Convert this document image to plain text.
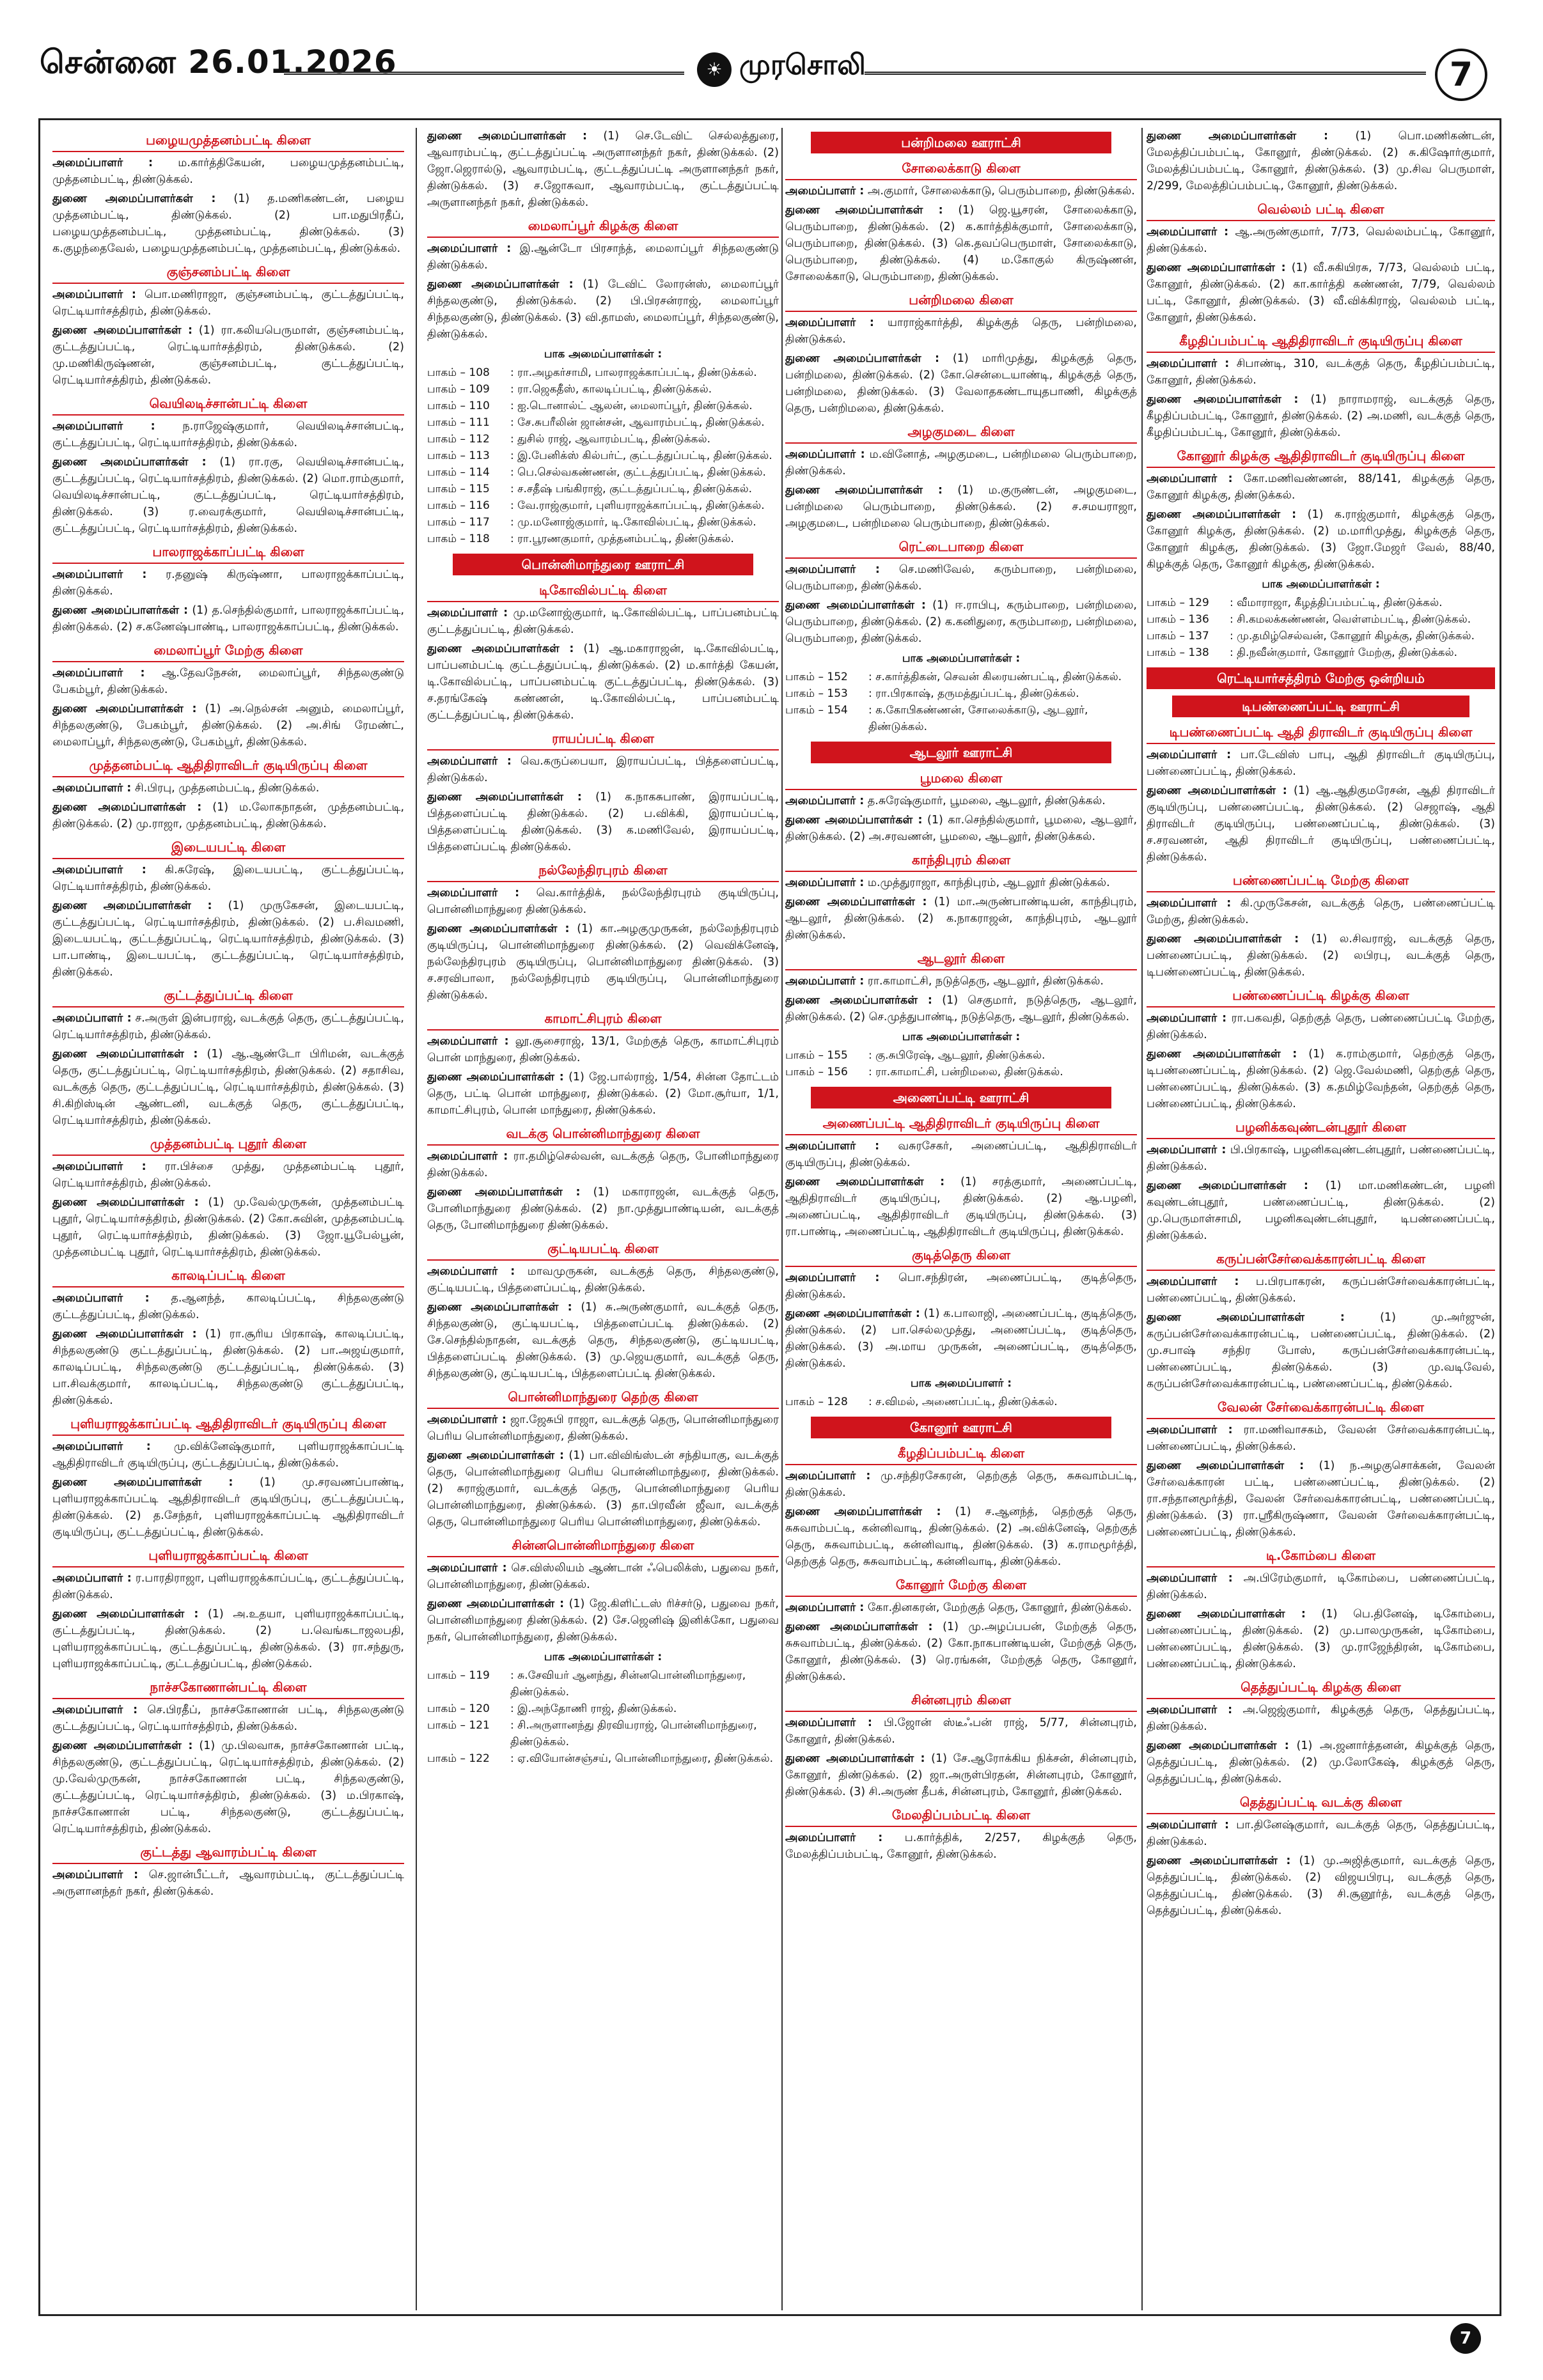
சென்னை 26.01.2026	☀ முரசொலி	7
பழையமுத்தனம்பட்டி கிளை

அமைப்பாளர் : ம.கார்த்திகேயன், பழையமுத்தனம்பட்டி, முத்தனம்பட்டி, திண்டுக்கல்.

துணை அமைப்பாளர்கள் : (1) த.மணிகண்டன், பழைய முத்தனம்பட்டி, திண்டுக்கல். (2) பா.மதுபிரதீப், பழையமுத்தனம்பட்டி, முத்தனம்பட்டி, திண்டுக்கல். (3) க.குழந்தைவேல், பழையமுத்தனம்பட்டி, முத்தனம்பட்டி, திண்டுக்கல்.

குஞ்சனம்பட்டி கிளை

அமைப்பாளர் : பொ.மணிராஜா, குஞ்சனம்பட்டி, குட்டத்துப்பட்டி, ரெட்டியார்சத்திரம், திண்டுக்கல்.

துணை அமைப்பாளர்கள் : (1) ரா.கலியபெருமாள், குஞ்சனம்பட்டி, குட்டத்துப்பட்டி, ரெட்டியார்சத்திரம், திண்டுக்கல். (2) மு.மணிகிருஷ்ணன், குஞ்சனம்பட்டி, குட்டத்துப்பட்டி, ரெட்டியார்சத்திரம், திண்டுக்கல்.

வெயிலடிச்சான்பட்டி கிளை

அமைப்பாளர் : ந.ராஜேஷ்குமார், வெயிலடிச்சான்பட்டி, குட்டத்துப்பட்டி, ரெட்டியார்சத்திரம், திண்டுக்கல்.

துணை அமைப்பாளர்கள் : (1) ரா.ரகு, வெயிலடிச்சான்பட்டி, குட்டத்துப்பட்டி, ரெட்டியார்சத்திரம், திண்டுக்கல். (2) மொ.ராம்குமார், வெயிலடிச்சான்பட்டி, குட்டத்துப்பட்டி, ரெட்டியார்சத்திரம், திண்டுக்கல். (3) ர.வைரக்குமார், வெயிலடிச்சான்பட்டி, குட்டத்துப்பட்டி, ரெட்டியார்சத்திரம், திண்டுக்கல்.

பாலராஜக்காப்பட்டி கிளை

அமைப்பாளர் : ர.தனுஷ் கிருஷ்ணா, பாலராஜக்காப்பட்டி, திண்டுக்கல்.

துணை அமைப்பாளர்கள் : (1) த.செந்தில்குமார், பாலராஜக்காப்பட்டி, திண்டுக்கல். (2) ச.கணேஷ்பாண்டி, பாலராஜக்காப்பட்டி, திண்டுக்கல்.

மைலாப்பூர் மேற்கு கிளை

அமைப்பாளர் : ஆ.தேவநேசன், மைலாப்பூர், சிந்தலகுண்டு பேகம்பூர், திண்டுக்கல்.

துணை அமைப்பாளர்கள் : (1) அ.நெல்சன் அனும், மைலாப்பூர், சிந்தலகுண்டு, பேகம்பூர், திண்டுக்கல். (2) அ.சிங் ரேமண்ட், மைலாப்பூர், சிந்தலகுண்டு, பேகம்பூர், திண்டுக்கல்.

முத்தனம்பட்டி ஆதிதிராவிடர் குடியிருப்பு கிளை

அமைப்பாளர் : சி.பிரபு, முத்தனம்பட்டி, திண்டுக்கல்.

துணை அமைப்பாளர்கள் : (1) ம.லோகநாதன், முத்தனம்பட்டி, திண்டுக்கல். (2) மு.ராஜா, முத்தனம்பட்டி, திண்டுக்கல்.

இடையபட்டி கிளை

அமைப்பாளர் : கி.சுரேஷ், இடையபட்டி, குட்டத்துப்பட்டி, ரெட்டியார்சத்திரம், திண்டுக்கல்.

துணை அமைப்பாளர்கள் : (1) முருகேசன், இடையபட்டி, குட்டத்துப்பட்டி, ரெட்டியார்சத்திரம், திண்டுக்கல். (2) ப.சிவமணி, இடையபட்டி, குட்டத்துப்பட்டி, ரெட்டியார்சத்திரம், திண்டுக்கல். (3) பா.பாண்டி, இடையபட்டி, குட்டத்துப்பட்டி, ரெட்டியார்சத்திரம், திண்டுக்கல்.

குட்டத்துப்பட்டி கிளை

அமைப்பாளர் : ச.அருள் இன்பராஜ், வடக்குத் தெரு, குட்டத்துப்பட்டி, ரெட்டியார்சத்திரம், திண்டுக்கல்.

துணை அமைப்பாளர்கள் : (1) ஆ.ஆண்டோ பிரிமன், வடக்குத் தெரு, குட்டத்துப்பட்டி, ரெட்டியார்சத்திரம், திண்டுக்கல். (2) சதாசிவ, வடக்குத் தெரு, குட்டத்துப்பட்டி, ரெட்டியார்சத்திரம், திண்டுக்கல். (3) சி.கிறிஸ்டின் ஆண்டனி, வடக்குத் தெரு, குட்டத்துப்பட்டி, ரெட்டியார்சத்திரம், திண்டுக்கல்.

முத்தனம்பட்டி புதூர் கிளை

அமைப்பாளர் : ரா.பிச்சை முத்து, முத்தனம்பட்டி புதூர், ரெட்டியார்சத்திரம், திண்டுக்கல்.

துணை அமைப்பாளர்கள் : (1) மு.வேல்முருகன், முத்தனம்பட்டி புதூர், ரெட்டியார்சத்திரம், திண்டுக்கல். (2) கோ.சுவின், முத்தனம்பட்டி புதூர், ரெட்டியார்சத்திரம், திண்டுக்கல். (3) ஜோ.யூபேல்பூன், முத்தனம்பட்டி புதூர், ரெட்டியார்சத்திரம், திண்டுக்கல்.

காலடிப்பட்டி கிளை

அமைப்பாளர் : த.ஆனந்த், காலடிப்பட்டி, சிந்தலகுண்டு குட்டத்துப்பட்டி, திண்டுக்கல்.

துணை அமைப்பாளர்கள் : (1) ரா.சூரிய பிரகாஷ், காலடிப்பட்டி, சிந்தலகுண்டு குட்டத்துப்பட்டி, திண்டுக்கல். (2) பா.அஜய்குமார், காலடிப்பட்டி, சிந்தலகுண்டு குட்டத்துப்பட்டி, திண்டுக்கல். (3) பா.சிவக்குமார், காலடிப்பட்டி, சிந்தலகுண்டு குட்டத்துப்பட்டி, திண்டுக்கல்.

புளியராஜக்காப்பட்டி ஆதிதிராவிடர் குடியிருப்பு கிளை

அமைப்பாளர் : மு.விக்னேஷ்குமார், புளியராஜக்காப்பட்டி ஆதிதிராவிடர் குடியிருப்பு, குட்டத்துப்பட்டி, திண்டுக்கல்.

துணை அமைப்பாளர்கள் : (1) மு.சரவணப்பாண்டி, புளியராஜக்காப்பட்டி ஆதிதிராவிடர் குடியிருப்பு, குட்டத்துப்பட்டி, திண்டுக்கல். (2) த.சேந்தர், புளியராஜக்காப்பட்டி ஆதிதிராவிடர் குடியிருப்பு, குட்டத்துப்பட்டி, திண்டுக்கல்.

புளியராஜக்காப்பட்டி கிளை

அமைப்பாளர் : ர.பாரதிராஜா, புளியராஜக்காப்பட்டி, குட்டத்துப்பட்டி, திண்டுக்கல்.

துணை அமைப்பாளர்கள் : (1) அ.உதயா, புளியராஜக்காப்பட்டி, குட்டத்துப்பட்டி, திண்டுக்கல். (2) ப.வெங்கடாஜலபதி, புளியராஜக்காப்பட்டி, குட்டத்துப்பட்டி, திண்டுக்கல். (3) ரா.சந்துரு, புளியராஜக்காப்பட்டி, குட்டத்துப்பட்டி, திண்டுக்கல்.

நாச்சகோணான்பட்டி கிளை

அமைப்பாளர் : செ.பிரதீப், நாச்சகோணான் பட்டி, சிந்தலகுண்டு குட்டத்துப்பட்டி, ரெட்டியார்சத்திரம், திண்டுக்கல்.

துணை அமைப்பாளர்கள் : (1) மு.பிலவாசு, நாச்சகோணான் பட்டி, சிந்தலகுண்டு, குட்டத்துப்பட்டி, ரெட்டியார்சத்திரம், திண்டுக்கல். (2) மு.வேல்முருகன், நாச்சகோணான் பட்டி, சிந்தலகுண்டு, குட்டத்துப்பட்டி, ரெட்டியார்சத்திரம், திண்டுக்கல். (3) ம.பிரகாஷ், நாச்சகோணான் பட்டி, சிந்தலகுண்டு, குட்டத்துப்பட்டி, ரெட்டியார்சத்திரம், திண்டுக்கல்.

குட்டத்து ஆவாரம்பட்டி கிளை

அமைப்பாளர் : செ.ஜான்பீட்டர், ஆவாரம்பட்டி, குட்டத்துப்பட்டி அருளானந்தர் நகர், திண்டுக்கல்.

துணை அமைப்பாளர்கள் : (1) செ.டேவிட் செல்லத்துரை, ஆவாரம்பட்டி, குட்டத்துப்பட்டி அருளானந்தர் நகர், திண்டுக்கல். (2) ஜோ.ஜெரால்டு, ஆவாரம்பட்டி, குட்டத்துப்பட்டி அருளானந்தர் நகர், திண்டுக்கல். (3) ச.ஜோசுவா, ஆவாரம்பட்டி, குட்டத்துப்பட்டி அருளானந்தர் நகர், திண்டுக்கல்.

மைலாப்பூர் கிழக்கு கிளை

அமைப்பாளர் : இ.ஆன்டோ பிரசாந்த், மைலாப்பூர் சிந்தலகுண்டு திண்டுக்கல்.

துணை அமைப்பாளர்கள் : (1) டேவிட் லோரன்ஸ், மைலாப்பூர் சிந்தலகுண்டு, திண்டுக்கல். (2) பி.பிரசன்ராஜ், மைலாப்பூர் சிந்தலகுண்டு, திண்டுக்கல். (3) வி.தாமஸ், மைலாப்பூர், சிந்தலகுண்டு, திண்டுக்கல்.

பாக அமைப்பாளர்கள் :
பாகம் – 108	: ரா.அழகர்சாமி, பாலராஜக்காப்பட்டி, திண்டுக்கல்.
பாகம் – 109	: ரா.ஜெகதீஸ், காலடிப்பட்டி, திண்டுக்கல்.
பாகம் – 110	: ஐ.டொனால்ட் ஆலன், மைலாப்பூர், திண்டுக்கல்.
பாகம் – 111	: சே.சுபரீலின் ஜான்சன், ஆவாரம்பட்டி, திண்டுக்கல்.
பாகம் – 112	: துசில் ராஜ், ஆவாரம்பட்டி, திண்டுக்கல்.
பாகம் – 113	: இ.பேனிக்ஸ் கில்பர்ட், குட்டத்துப்பட்டி, திண்டுக்கல்.
பாகம் – 114	: பெ.செல்வகண்ணன், குட்டத்துப்பட்டி, திண்டுக்கல்.
பாகம் – 115	: ச.சதீஷ் பங்கிராஜ், குட்டத்துப்பட்டி, திண்டுக்கல்.
பாகம் – 116	: வே.ராஜ்குமார், புளியராஜக்காப்பட்டி, திண்டுக்கல்.
பாகம் – 117	: மு.மனோஜ்குமார், டி.கோவில்பட்டி, திண்டுக்கல்.
பாகம் – 118	: ரா.பூரணகுமார், முத்தனம்பட்டி, திண்டுக்கல்.
பொன்னிமாந்துரை ஊராட்சி
டிகோவில்பட்டி கிளை

அமைப்பாளர் : மு.மனோஜ்குமார், டி.கோவில்பட்டி, பாப்பனம்பட்டி குட்டத்துப்பட்டி, திண்டுக்கல்.

துணை அமைப்பாளர்கள் : (1) ஆ.மகாராஜன், டி.கோவில்பட்டி, பாப்பனம்பட்டி குட்டத்துப்பட்டி, திண்டுக்கல். (2) ம.கார்த்தி கேயன், டி.கோவில்பட்டி, பாப்பனம்பட்டி குட்டத்துப்பட்டி, திண்டுக்கல். (3) ச.தரங்கேஷ் கண்ணன், டி.கோவில்பட்டி, பாப்பனம்பட்டி குட்டத்துப்பட்டி, திண்டுக்கல்.

ராயப்பட்டி கிளை

அமைப்பாளர் : வெ.கருப்பையா, இராயப்பட்டி, பித்தளைப்பட்டி, திண்டுக்கல்.

துணை அமைப்பாளர்கள் : (1) க.நாகசுபாண், இராயப்பட்டி, பித்தளைப்பட்டி திண்டுக்கல். (2) ப.விக்கி, இராயப்பட்டி, பித்தளைப்பட்டி திண்டுக்கல். (3) க.மணிவேல், இராயப்பட்டி, பித்தளைப்பட்டி திண்டுக்கல்.

நல்லேந்திரபுரம் கிளை

அமைப்பாளர் : வெ.கார்த்திக், நல்லேந்திரபுரம் குடியிருப்பு, பொன்னிமாந்துரை திண்டுக்கல்.

துணை அமைப்பாளர்கள் : (1) கா.அழகுமுருகன், நல்லேந்திரபுரம் குடியிருப்பு, பொன்னிமாந்துரை திண்டுக்கல். (2) வெவிக்னேஷ், நல்லேந்திரபுரம் குடியிருப்பு, பொன்னிமாந்துரை திண்டுக்கல். (3) ச.சரவிபாலா, நல்லேந்திரபுரம் குடியிருப்பு, பொன்னிமாந்துரை திண்டுக்கல்.

காமாட்சிபுரம் கிளை

அமைப்பாளர் : லூ.சூசைராஜ், 13/1, மேற்குத் தெரு, காமாட்சிபுரம் பொன் மாந்துரை, திண்டுக்கல்.

துணை அமைப்பாளர்கள் : (1) ஜே.பால்ராஜ், 1/54, சின்ன தோட்டம் தெரு, பட்டி பொன் மாந்துரை, திண்டுக்கல். (2) மோ.சூர்யா, 1/1, காமாட்சிபுரம், பொன் மாந்துரை, திண்டுக்கல்.

வடக்கு பொன்னிமாந்துரை கிளை

அமைப்பாளர் : ரா.தமிழ்செல்வன், வடக்குத் தெரு, போனிமாந்துரை திண்டுக்கல்.

துணை அமைப்பாளர்கள் : (1) மகாராஜன், வடக்குத் தெரு, போனிமாந்துரை திண்டுக்கல். (2) நா.முத்துபாண்டியன், வடக்குத் தெரு, போனிமாந்துரை திண்டுக்கல்.

குட்டியபட்டி கிளை

அமைப்பாளர் : மாவமுருகன், வடக்குத் தெரு, சிந்தலகுண்டு, குட்டியபட்டி, பித்தளைப்பட்டி, திண்டுக்கல்.

துணை அமைப்பாளர்கள் : (1) சு.அருண்குமார், வடக்குத் தெரு, சிந்தலகுண்டு, குட்டியபட்டி, பித்தளைப்பட்டி திண்டுக்கல். (2) சே.செந்தில்நாதன், வடக்குத் தெரு, சிந்தலகுண்டு, குட்டியபட்டி, பித்தளைப்பட்டி திண்டுக்கல். (3) மு.ஜெயகுமார், வடக்குத் தெரு, சிந்தலகுண்டு, குட்டியபட்டி, பித்தளைப்பட்டி திண்டுக்கல்.

பொன்னிமாந்துரை தெற்கு கிளை

அமைப்பாளர் : ஜா.ஜேசுபி ராஜா, வடக்குத் தெரு, பொன்னிமாந்துரை பெரிய பொன்னிமாந்துரை, திண்டுக்கல்.

துணை அமைப்பாளர்கள் : (1) பா.விவிங்ஸ்டன் சந்தியாகு, வடக்குத் தெரு, பொன்னிமாந்துரை பெரிய பொன்னிமாந்துரை, திண்டுக்கல். (2) சுராஜ்குமார், வடக்குத் தெரு, பொன்னிமாந்துரை பெரிய பொன்னிமாந்துரை, திண்டுக்கல். (3) தா.பிரவீன் ஜீவா, வடக்குத் தெரு, பொன்னிமாந்துரை பெரிய பொன்னிமாந்துரை, திண்டுக்கல்.

சின்னபொன்னிமாந்துரை கிளை

அமைப்பாளர் : செ.விஸ்லியம் ஆண்டான் ஃபெலிக்ஸ், பதுவை நகர், பொன்னிமாந்துரை, திண்டுக்கல்.

துணை அமைப்பாளர்கள் : (1) ஜே.கிளிட்டஸ் ரிச்சர்டு, பதுவை நகர், பொன்னிமாந்துரை திண்டுக்கல். (2) சே.ஜெனிஷ் இனிக்கோ, பதுவை நகர், பொன்னிமாந்துரை, திண்டுக்கல்.

பாக அமைப்பாளர்கள் :
பாகம் – 119	: சு.சேவியர் ஆனந்து, சின்னபொன்னிமாந்துரை, திண்டுக்கல்.
பாகம் – 120	: இ.அந்தோணி ராஜ், திண்டுக்கல்.
பாகம் – 121	: சி.அருளானந்து திரவியராஜ், பொன்னிமாந்துரை, திண்டுக்கல்.
பாகம் – 122	: ஏ.வியோன்சஞ்சய், பொன்னிமாந்துரை, திண்டுக்கல்.
பன்றிமலை ஊராட்சி
சோலைக்காடு கிளை

அமைப்பாளர் : அ.குமார், சோலைக்காடு, பெரும்பாறை, திண்டுக்கல்.

துணை அமைப்பாளர்கள் : (1) ஜெ.யூசரன், சோலைக்காடு, பெரும்பாறை, திண்டுக்கல். (2) க.கார்த்திக்குமார், சோலைக்காடு, பெரும்பாறை, திண்டுக்கல். (3) கெ.தவப்பெருமாள், சோலைக்காடு, பெரும்பாறை, திண்டுக்கல். (4) ம.கோகுல் கிருஷ்ணன், சோலைக்காடு, பெரும்பாறை, திண்டுக்கல்.

பன்றிமலை கிளை

அமைப்பாளர் : யாராஜ்கார்த்தி, கிழக்குத் தெரு, பன்றிமலை, திண்டுக்கல்.

துணை அமைப்பாளர்கள் : (1) மாரிமுத்து, கிழக்குத் தெரு, பன்றிமலை, திண்டுக்கல். (2) கோ.சென்டையாண்டி, கிழக்குத் தெரு, பன்றிமலை, திண்டுக்கல். (3) வேலாதகண்டாயுதபாணி, கிழக்குத் தெரு, பன்றிமலை, திண்டுக்கல்.

அழகுமடை கிளை

அமைப்பாளர் : ம.வினோத், அழகுமடை, பன்றிமலை பெரும்பாறை, திண்டுக்கல்.

துணை அமைப்பாளர்கள் : (1) ம.குருண்டன், அழகுமடை, பன்றிமலை பெரும்பாறை, திண்டுக்கல். (2) ச.சமயராஜா, அழகுமடை, பன்றிமலை பெரும்பாறை, திண்டுக்கல்.

ரெட்டைபாறை கிளை

அமைப்பாளர் : செ.மணிவேல், கரும்பாறை, பன்றிமலை, பெரும்பாறை, திண்டுக்கல்.

துணை அமைப்பாளர்கள் : (1) ஈ.ராபிபு, கரும்பாறை, பன்றிமலை, பெரும்பாறை, திண்டுக்கல். (2) க.கனிதுரை, கரும்பாறை, பன்றிமலை, பெரும்பாறை, திண்டுக்கல்.

பாக அமைப்பாளர்கள் :
பாகம் – 152	: ச.கார்த்திகன், செவன் கிரையண்பட்டி, திண்டுக்கல்.
பாகம் – 153	: ரா.பிரகாஷ், தருமத்துப்பட்டி, திண்டுக்கல்.
பாகம் – 154	: க.கோபிகண்ணன், சோலைக்காடு, ஆடலூர், திண்டுக்கல்.
ஆடலூர் ஊராட்சி
பூமலை கிளை

அமைப்பாளர் : த.சுரேஷ்குமார், பூமலை, ஆடலூர், திண்டுக்கல்.

துணை அமைப்பாளர்கள் : (1) கா.செந்தில்குமார், பூமலை, ஆடலூர், திண்டுக்கல். (2) அ.சரவணன், பூமலை, ஆடலூர், திண்டுக்கல்.

காந்திபுரம் கிளை

அமைப்பாளர் : ம.முத்துராஜா, காந்திபுரம், ஆடலூர் திண்டுக்கல்.

துணை அமைப்பாளர்கள் : (1) மா.அருண்பாண்டியன், காந்திபுரம், ஆடலூர், திண்டுக்கல். (2) க.நாகராஜன், காந்திபுரம், ஆடலூர் திண்டுக்கல்.

ஆடலூர் கிளை

அமைப்பாளர் : ரா.காமாட்சி, நடுத்தெரு, ஆடலூர், திண்டுக்கல்.

துணை அமைப்பாளர்கள் : (1) செகுமார், நடுத்தெரு, ஆடலூர், திண்டுக்கல். (2) செ.முத்துபாண்டி, நடுத்தெரு, ஆடலூர், திண்டுக்கல்.

பாக அமைப்பாளர்கள் :
பாகம் – 155	: கு.சுபிரேஷ், ஆடலூர், திண்டுக்கல்.
பாகம் – 156	: ரா.காமாட்சி, பன்றிமலை, திண்டுக்கல்.
அணைப்பட்டி ஊராட்சி
அணைப்பட்டி ஆதிதிராவிடர் குடியிருப்பு கிளை

அமைப்பாளர் : வசுரசேகர், அணைப்பட்டி, ஆதிதிராவிடர் குடியிருப்பு, திண்டுக்கல்.

துணை அமைப்பாளர்கள் : (1) சரத்குமார், அணைப்பட்டி, ஆதிதிராவிடர் குடியிருப்பு, திண்டுக்கல். (2) ஆ.பழனி, அணைப்பட்டி, ஆதிதிராவிடர் குடியிருப்பு, திண்டுக்கல். (3) ரா.பாண்டி, அணைப்பட்டி, ஆதிதிராவிடர் குடியிருப்பு, திண்டுக்கல்.

குடித்தெரு கிளை

அமைப்பாளர் : பொ.சந்திரன், அணைப்பட்டி, குடித்தெரு, திண்டுக்கல்.

துணை அமைப்பாளர்கள் : (1) க.பாலாஜி, அணைப்பட்டி, குடித்தெரு, திண்டுக்கல். (2) பா.செல்லமுத்து, அணைப்பட்டி, குடித்தெரு, திண்டுக்கல். (3) அ.மாய முருகன், அணைப்பட்டி, குடித்தெரு, திண்டுக்கல்.

பாக அமைப்பாளர் :
பாகம் – 128	: ச.விமல், அணைப்பட்டி, திண்டுக்கல்.
கோனூர் ஊராட்சி
கீழதிப்பம்பட்டி கிளை

அமைப்பாளர் : மு.சந்திரசேகரன், தெற்குத் தெரு, சுசுவாம்பட்டி, திண்டுக்கல்.

துணை அமைப்பாளர்கள் : (1) ச.ஆனந்த், தெற்குத் தெரு, சுசுவாம்பட்டி, கன்னிவாடி, திண்டுக்கல். (2) அ.விக்னேஷ், தெற்குத் தெரு, சுசுவாம்பட்டி, கன்னிவாடி, திண்டுக்கல். (3) க.ராமமூர்த்தி, தெற்குத் தெரு, சுசுவாம்பட்டி, கன்னிவாடி, திண்டுக்கல்.

கோனூர் மேற்கு கிளை

அமைப்பாளர் : கோ.தினகரன், மேற்குத் தெரு, கோனூர், திண்டுக்கல்.

துணை அமைப்பாளர்கள் : (1) மு.அழப்பபன், மேற்குத் தெரு, சுசுவாம்பட்டி, திண்டுக்கல். (2) கோ.நாகபாண்டியன், மேற்குத் தெரு, கோனூர், திண்டுக்கல். (3) ரெ.ரங்கன், மேற்குத் தெரு, கோனூர், திண்டுக்கல்.

சின்னபுரம் கிளை

அமைப்பாளர் : பி.ஜோன் ஸ்டீஃபன் ராஜ், 5/77, சின்னபுரம், கோனூர், திண்டுக்கல்.

துணை அமைப்பாளர்கள் : (1) சே.ஆரோக்கிய நிக்சன், சின்னபுரம், கோனூர், திண்டுக்கல். (2) ஜா.அருள்பிரதன், சின்னபுரம், கோனூர், திண்டுக்கல். (3) சி.அருண் தீபக், சின்னபுரம், கோனூர், திண்டுக்கல்.

மேலதிப்பம்பட்டி கிளை

அமைப்பாளர் : ப.கார்த்திக், 2/257, கிழக்குத் தெரு, மேலத்திப்பம்பட்டி, கோனூர், திண்டுக்கல்.

துணை அமைப்பாளர்கள் : (1) பொ.மணிகண்டன், மேலத்திப்பம்பட்டி, கோனூர், திண்டுக்கல். (2) சு.கிஷோர்குமார், மேலத்திப்பம்பட்டி, கோனூர், திண்டுக்கல். (3) மு.சிவ பெருமாள், 2/299, மேலத்திப்பம்பட்டி, கோனூர், திண்டுக்கல்.

வெல்லம் பட்டி கிளை

அமைப்பாளர் : ஆ.அருண்குமார், 7/73, வெல்லம்பட்டி, கோனூர், திண்டுக்கல்.

துணை அமைப்பாளர்கள் : (1) வீ.சுகியிரசு, 7/73, வெல்லம் பட்டி, கோனூர், திண்டுக்கல். (2) கா.கார்த்தி கண்ணன், 7/79, வெல்லம் பட்டி, கோனூர், திண்டுக்கல். (3) வீ.விக்கிராஜ், வெல்லம் பட்டி, கோனூர், திண்டுக்கல்.

கீழதிப்பம்பட்டி ஆதிதிராவிடர் குடியிருப்பு கிளை

அமைப்பாளர் : சிபாண்டி, 310, வடக்குத் தெரு, கீழதிப்பம்பட்டி, கோனூர், திண்டுக்கல்.

துணை அமைப்பாளர்கள் : (1) நாராமராஜ், வடக்குத் தெரு, கீழதிப்பம்பட்டி, கோனூர், திண்டுக்கல். (2) அ.மணி, வடக்குத் தெரு, கீழதிப்பம்பட்டி, கோனூர், திண்டுக்கல்.

கோனூர் கிழக்கு ஆதிதிராவிடர் குடியிருப்பு கிளை

அமைப்பாளர் : கோ.மணிவண்ணன், 88/141, கிழக்குத் தெரு, கோனூர் கிழக்கு, திண்டுக்கல்.

துணை அமைப்பாளர்கள் : (1) க.ராஜ்குமார், கிழக்குத் தெரு, கோனூர் கிழக்கு, திண்டுக்கல். (2) ம.மாரிமுத்து, கிழக்குத் தெரு, கோனூர் கிழக்கு, திண்டுக்கல். (3) ஜோ.மேஜர் வேல், 88/40, கிழக்குத் தெரு, கோனூர் கிழக்கு, திண்டுக்கல்.

பாக அமைப்பாளர்கள் :
பாகம் – 129	: வீமாராஜா, கீழத்திப்பம்பட்டி, திண்டுக்கல்.
பாகம் – 136	: சி.கமலக்கண்ணன், வெள்ளம்பட்டி, திண்டுக்கல்.
பாகம் – 137	: மு.தமிழ்செல்வன், கோனூர் கிழக்கு, திண்டுக்கல்.
பாகம் – 138	: தி.நவீன்குமார், கோனூர் மேற்கு, திண்டுக்கல்.
ரெட்டியார்சத்திரம் மேற்கு ஒன்றியம்
டிபண்ணைப்பட்டி ஊராட்சி
டிபண்ணைப்பட்டி ஆதி திராவிடர் குடியிருப்பு கிளை

அமைப்பாளர் : பா.டேவிஸ் பாபு, ஆதி திராவிடர் குடியிருப்பு, பண்ணைப்பட்டி, திண்டுக்கல்.

துணை அமைப்பாளர்கள் : (1) ஆ.ஆதிகுமரேசன், ஆதி திராவிடர் குடியிருப்பு, பண்ணைப்பட்டி, திண்டுக்கல். (2) செஜாஷ், ஆதி திராவிடர் குடியிருப்பு, பண்ணைப்பட்டி, திண்டுக்கல். (3) ச.சரவணன், ஆதி திராவிடர் குடியிருப்பு, பண்ணைப்பட்டி, திண்டுக்கல்.

பண்ணைப்பட்டி மேற்கு கிளை

அமைப்பாளர் : கி.முருகேசன், வடக்குத் தெரு, பண்ணைப்பட்டி மேற்கு, திண்டுக்கல்.

துணை அமைப்பாளர்கள் : (1) ல.சிவராஜ், வடக்குத் தெரு, பண்ணைப்பட்டி, திண்டுக்கல். (2) லபிரபு, வடக்குத் தெரு, டிபண்ணைப்பட்டி, திண்டுக்கல்.

பண்ணைப்பட்டி கிழக்கு கிளை

அமைப்பாளர் : ரா.பகவதி, தெற்குத் தெரு, பண்ணைப்பட்டி மேற்கு, திண்டுக்கல்.

துணை அமைப்பாளர்கள் : (1) க.ராம்குமார், தெற்குத் தெரு, டிபண்ணைப்பட்டி, திண்டுக்கல். (2) ஜெ.வேல்மணி, தெற்குத் தெரு, பண்ணைப்பட்டி, திண்டுக்கல். (3) க.தமிழ்வேந்தன், தெற்குத் தெரு, பண்ணைப்பட்டி, திண்டுக்கல்.

பழனிக்கவுண்டன்புதூர் கிளை

அமைப்பாளர் : பி.பிரகாஷ், பழனிகவுண்டன்புதூர், பண்ணைப்பட்டி, திண்டுக்கல்.

துணை அமைப்பாளர்கள் : (1) மா.மணிகண்டன், பழனி கவுண்டன்புதூர், பண்ணைப்பட்டி, திண்டுக்கல். (2) மு.பெருமாள்சாமி, பழனிகவுண்டன்புதூர், டிபண்ணைப்பட்டி, திண்டுக்கல்.

கருப்பன்சேர்வைக்காரன்பட்டி கிளை

அமைப்பாளர் : ப.பிரபாகரன், கருப்பன்சேர்வைக்காரன்பட்டி, பண்ணைப்பட்டி, திண்டுக்கல்.

துணை அமைப்பாளர்கள் : (1) மு.அர்ஜுன், கருப்பன்சேர்வைக்காரன்பட்டி, பண்ணைப்பட்டி, திண்டுக்கல். (2) மு.சபாஷ் சந்திர போஸ், கருப்பன்சேர்வைக்காரன்பட்டி, பண்ணைப்பட்டி, திண்டுக்கல். (3) மு.வடிவேல், கருப்பன்சேர்வைக்காரன்பட்டி, பண்ணைப்பட்டி, திண்டுக்கல்.

வேலன் சேர்வைக்காரன்பட்டி கிளை

அமைப்பாளர் : ரா.மணிவாசகம், வேலன் சேர்வைக்காரன்பட்டி, பண்ணைப்பட்டி, திண்டுக்கல்.

துணை அமைப்பாளர்கள் : (1) ந.அழகுசொக்கன், வேலன் சேர்வைக்காரன் பட்டி, பண்ணைப்பட்டி, திண்டுக்கல். (2) ரா.சந்தானமூர்த்தி, வேலன் சேர்வைக்காரன்பட்டி, பண்ணைப்பட்டி, திண்டுக்கல். (3) ரா.ஸ்ரீகிருஷ்ணா, வேலன் சேர்வைக்காரன்பட்டி, பண்ணைப்பட்டி, திண்டுக்கல்.

டி.கோம்பை கிளை

அமைப்பாளர் : அ.பிரேம்குமார், டிகோம்பை, பண்ணைப்பட்டி, திண்டுக்கல்.

துணை அமைப்பாளர்கள் : (1) பெ.தினேஷ், டிகோம்பை, பண்ணைப்பட்டி, திண்டுக்கல். (2) மு.பாலமுருகன், டிகோம்பை, பண்ணைப்பட்டி, திண்டுக்கல். (3) மு.ராஜேந்திரன், டிகோம்பை, பண்ணைப்பட்டி, திண்டுக்கல்.

தெத்துப்பட்டி கிழக்கு கிளை

அமைப்பாளர் : அ.ஜெஜ்குமார், கிழக்குத் தெரு, தெத்துப்பட்டி, திண்டுக்கல்.

துணை அமைப்பாளர்கள் : (1) அ.ஜனார்த்தனன், கிழக்குத் தெரு, தெத்துப்பட்டி, திண்டுக்கல். (2) மு.லோகேஷ், கிழக்குத் தெரு, தெத்துப்பட்டி, திண்டுக்கல்.

தெத்துப்பட்டி வடக்கு கிளை

அமைப்பாளர் : பா.தினேஷ்குமார், வடக்குத் தெரு, தெத்துப்பட்டி, திண்டுக்கல்.

துணை அமைப்பாளர்கள் : (1) மு.அஜித்குமார், வடக்குத் தெரு, தெத்துப்பட்டி, திண்டுக்கல். (2) விஜயபிரபு, வடக்குத் தெரு, தெத்துப்பட்டி, திண்டுக்கல். (3) சி.சூனூர்த், வடக்குத் தெரு, தெத்துப்பட்டி, திண்டுக்கல்.

7
